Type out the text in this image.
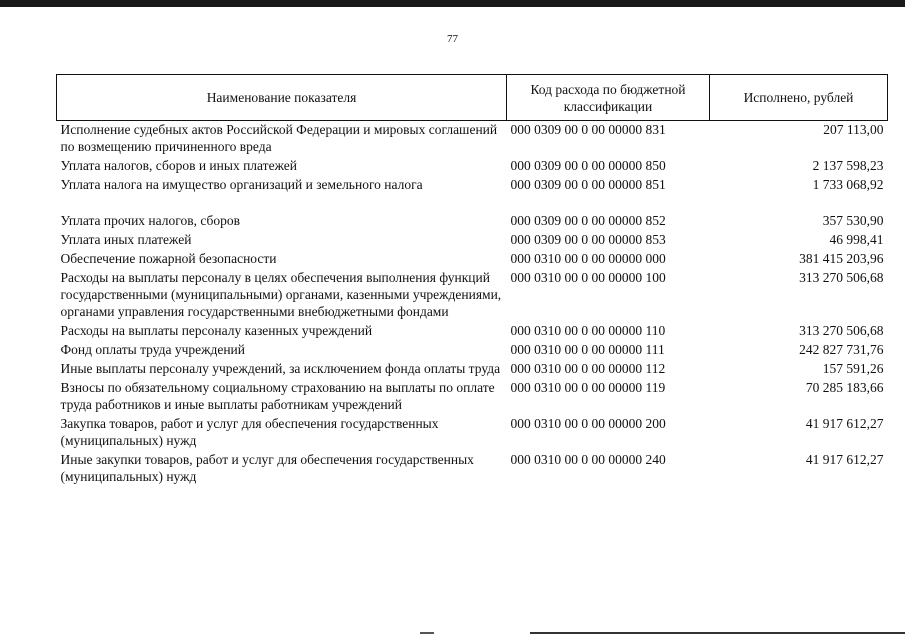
77
Наименование показателя	Код расхода по бюджетной классификации	Исполнено, рублей
Исполнение судебных актов Российской Федерации и мировых соглашений по возмещению причиненного вреда	000 0309 00 0 00 00000 831	207 113,00
Уплата налогов, сборов и иных платежей	000 0309 00 0 00 00000 850	2 137 598,23
Уплата налога на имущество организаций и земельного налога	000 0309 00 0 00 00000 851	1 733 068,92
Уплата прочих налогов, сборов	000 0309 00 0 00 00000 852	357 530,90
Уплата иных платежей	000 0309 00 0 00 00000 853	46 998,41
Обеспечение пожарной безопасности	000 0310 00 0 00 00000 000	381 415 203,96
Расходы на выплаты персоналу в целях обеспечения выполнения функций государственными (муниципальными) органами, казенными учреждениями, органами управления государственными внебюджетными фондами	000 0310 00 0 00 00000 100	313 270 506,68
Расходы на выплаты персоналу казенных учреждений	000 0310 00 0 00 00000 110	313 270 506,68
Фонд оплаты труда учреждений	000 0310 00 0 00 00000 111	242 827 731,76
Иные выплаты персоналу учреждений, за исключением фонда оплаты труда	000 0310 00 0 00 00000 112	157 591,26
Взносы по обязательному социальному страхованию на выплаты по оплате труда работников и иные выплаты работникам учреждений	000 0310 00 0 00 00000 119	70 285 183,66
Закупка товаров, работ и услуг для обеспечения государственных (муниципальных) нужд	000 0310 00 0 00 00000 200	41 917 612,27
Иные закупки товаров, работ и услуг для обеспечения государственных (муниципальных) нужд	000 0310 00 0 00 00000 240	41 917 612,27
